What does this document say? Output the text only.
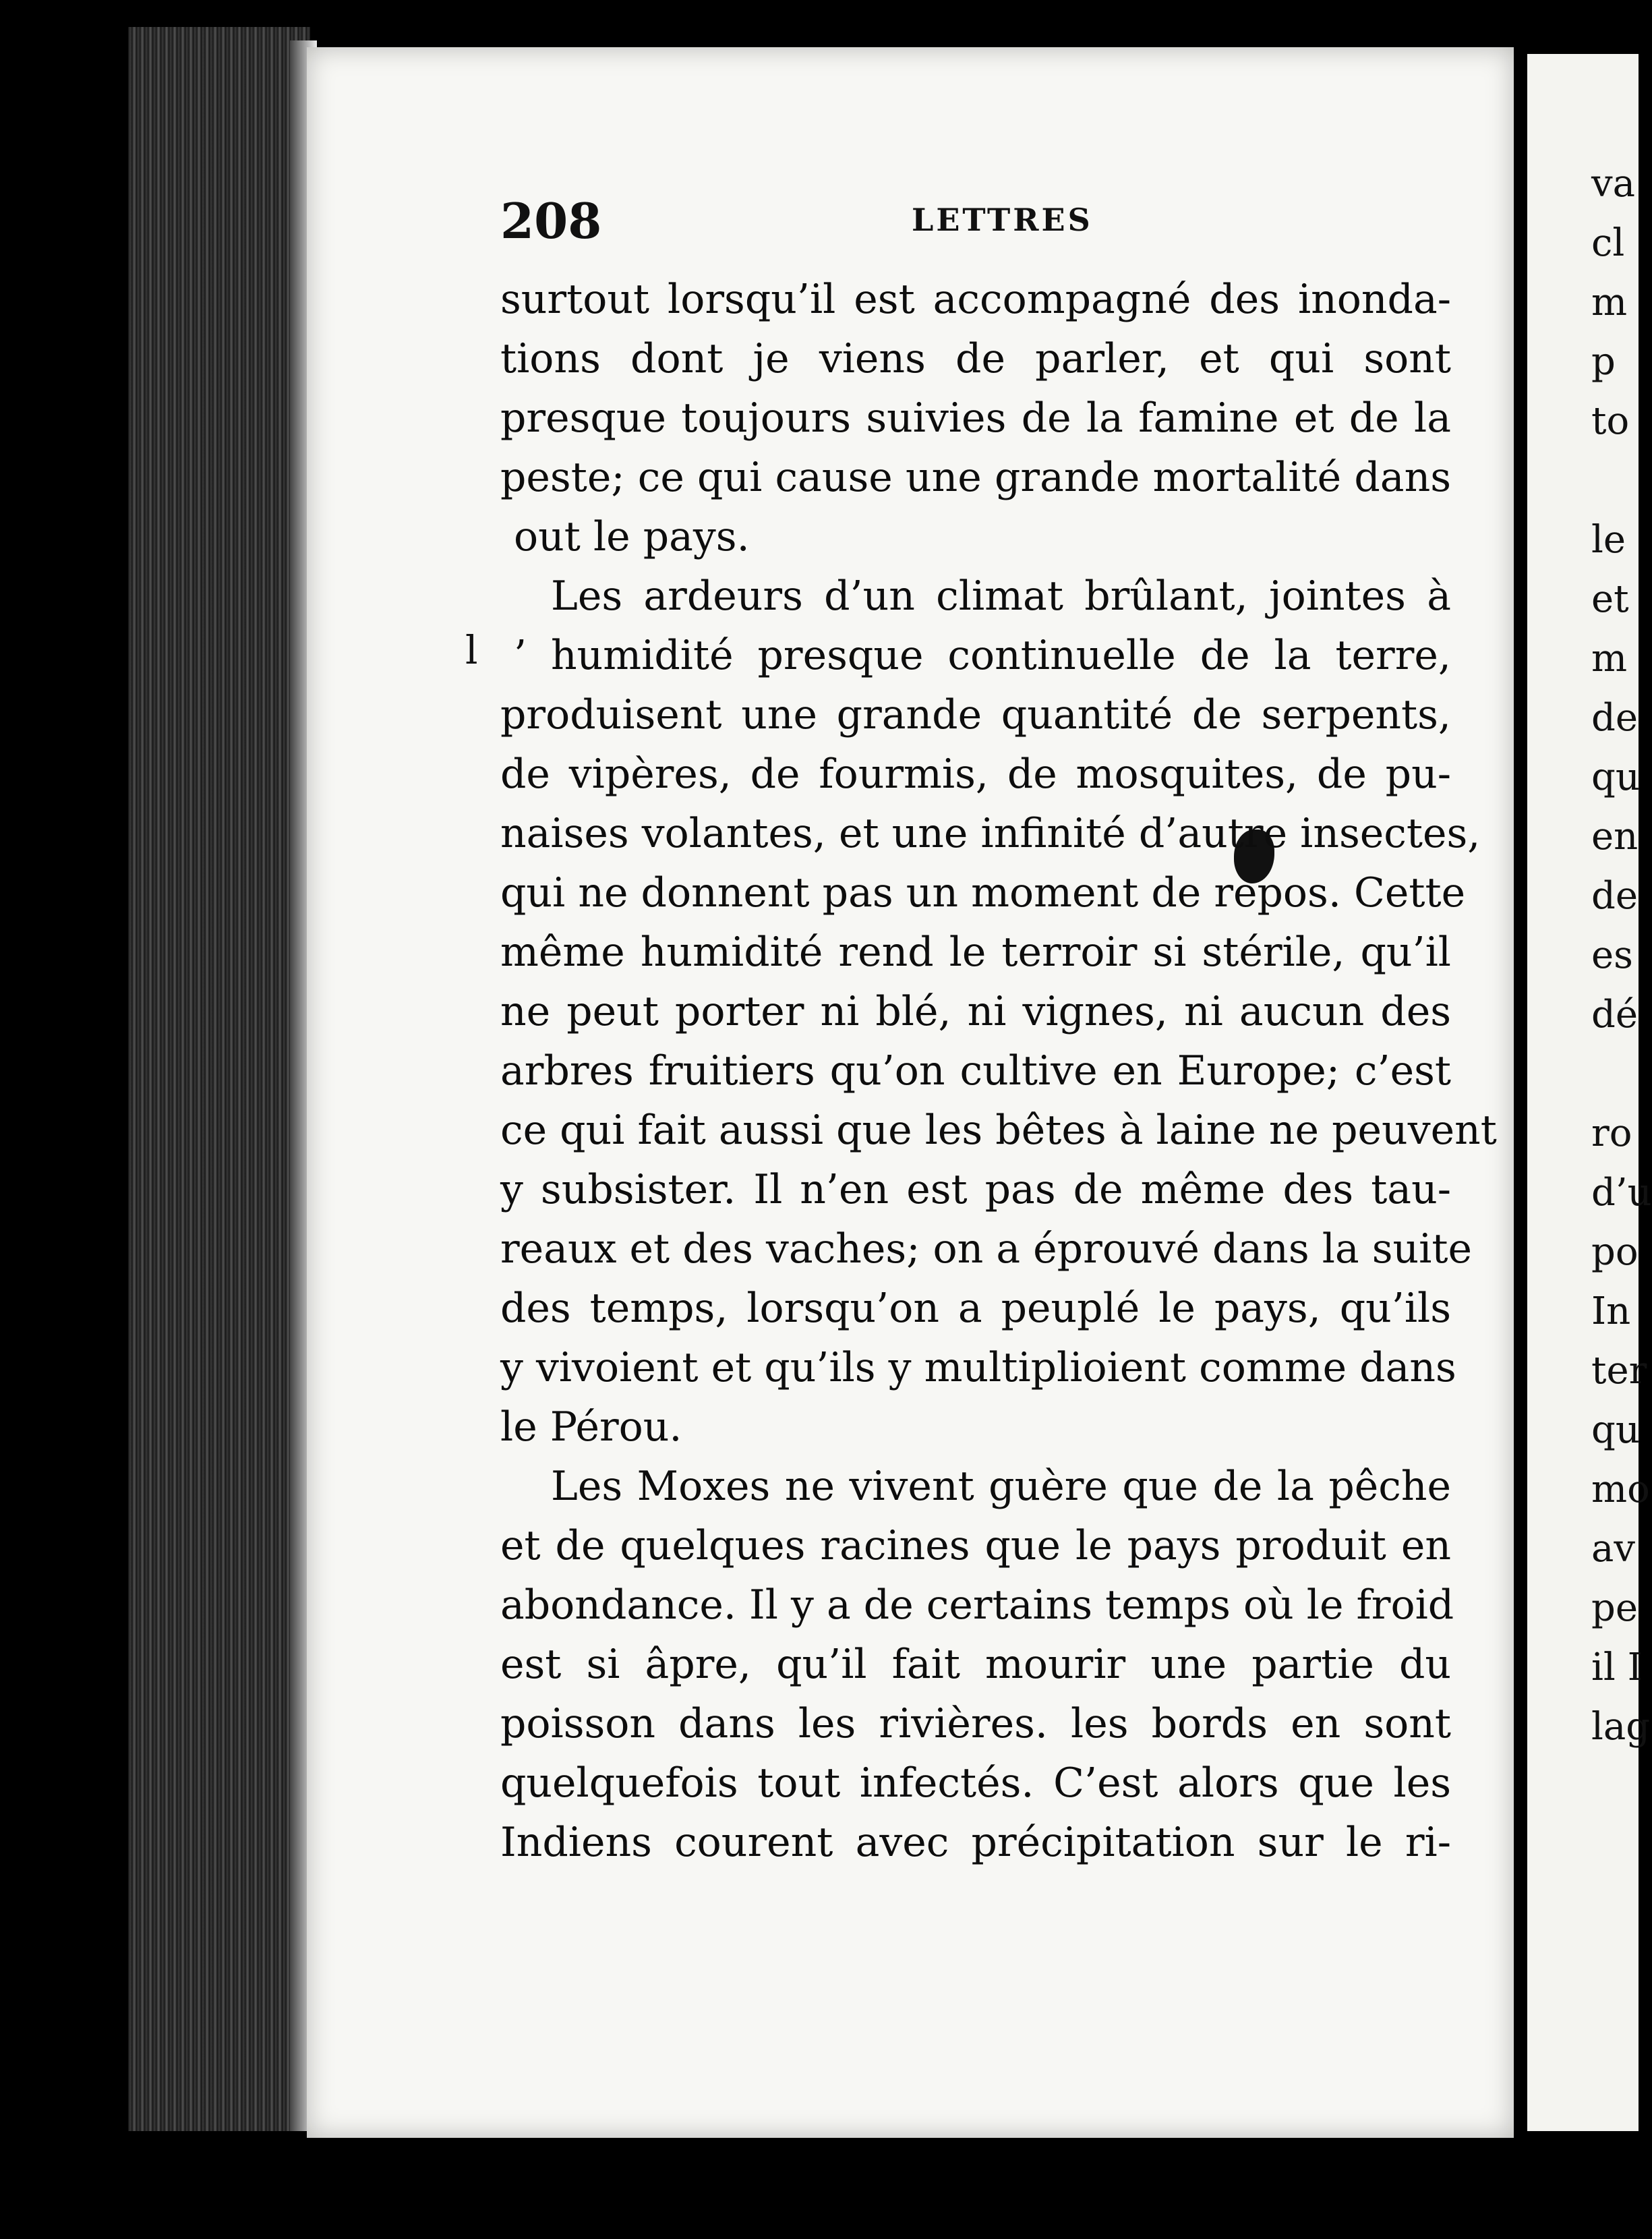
va
cl
m
p
to
le
et
m
de
qu
en
de
es
dé
ro
d’u
po
In
ter
qu
mo
av
pe
il I
lag
208	LETTRES
l
surtout lorsqu’il est accompagné des inonda-
tions dont je viens de parler, et qui sont
presque toujours suivies de la famine et de la
peste; ce qui cause une grande mortalité dans
out le pays.
Les ardeurs d’un climat brûlant, jointes à
’ humidité presque continuelle de la terre,
produisent une grande quantité de serpents,
de vipères, de fourmis, de mosquites, de pu-
naises volantes, et une infinité d’autre insectes,
qui ne donnent pas un moment de repos. Cette
même humidité rend le terroir si stérile, qu’il
ne peut porter ni blé, ni vignes, ni aucun des
arbres fruitiers qu’on cultive en Europe; c’est
ce qui fait aussi que les bêtes à laine ne peuvent
y subsister. Il n’en est pas de même des tau-
reaux et des vaches; on a éprouvé dans la suite
des temps, lorsqu’on a peuplé le pays, qu’ils
y vivoient et qu’ils y multiplioient comme dans
le Pérou.
Les Moxes ne vivent guère que de la pêche
et de quelques racines que le pays produit en
abondance. Il y a de certains temps où le froid
est si âpre, qu’il fait mourir une partie du
poisson dans les rivières. les bords en sont
quelquefois tout infectés. C’est alors que les
Indiens courent avec précipitation sur le ri-
